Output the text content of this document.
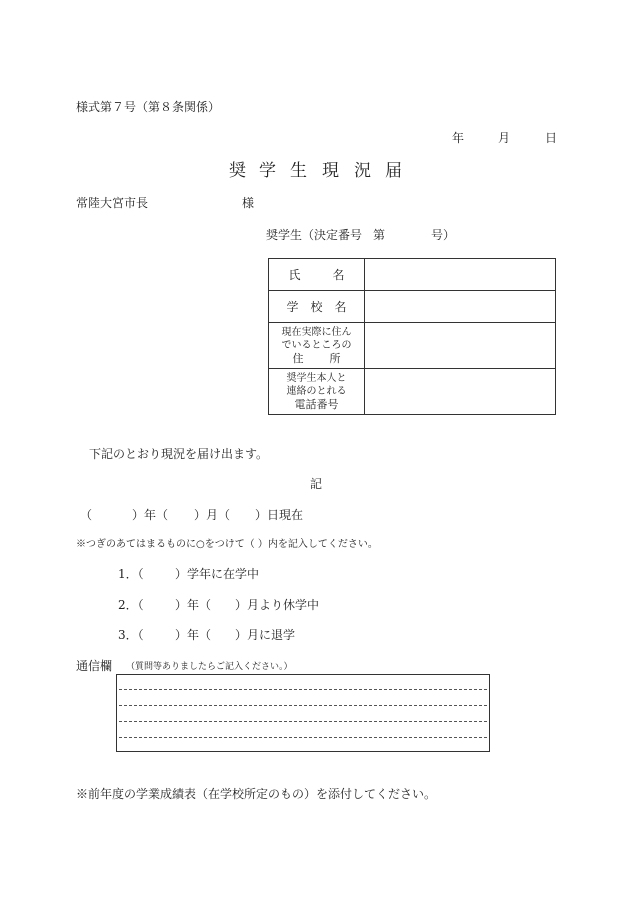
様式第７号（第８条関係）
年	月	日
奨 学 生 現 況 届
常陸大宮市長	様
奨学生（決定番号 第	号）
氏 名	
学 校 名	

現在実際に住ん
でいるところの
住 所	

奨学生本人と
連絡のとれる
電話番号	

下記のとおり現況を届け出ます。
記
（	）年（ ）月（ ）日現在
※つぎのあてはまるものに○をつけて（ ）内を記入してください。
1．（	）学年に在学中
2．（	）年（ ）月より休学中
3．（	）年（ ）月に退学
通信欄 （質問等ありましたらご記入ください。）
※前年度の学業成績表（在学校所定のもの）を添付してください。
